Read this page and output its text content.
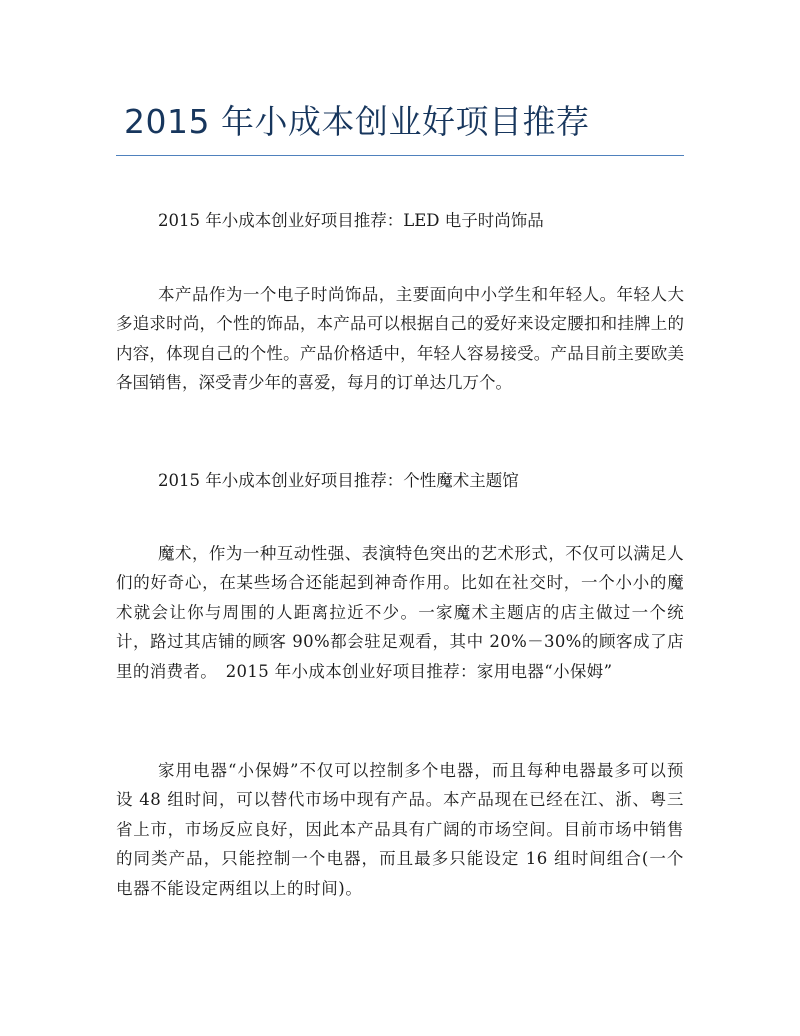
2015 年小成本创业好项目推荐

2015 年小成本创业好项目推荐：LED 电子时尚饰品

本产品作为一个电子时尚饰品，主要面向中小学生和年轻人。年轻人大多追求时尚，个性的饰品，本产品可以根据自己的爱好来设定腰扣和挂牌上的内容，体现自己的个性。产品价格适中，年轻人容易接受。产品目前主要欧美各国销售，深受青少年的喜爱，每月的订单达几万个。

2015 年小成本创业好项目推荐：个性魔术主题馆

魔术，作为一种互动性强、表演特色突出的艺术形式，不仅可以满足人们的好奇心，在某些场合还能起到神奇作用。比如在社交时，一个小小的魔术就会让你与周围的人距离拉近不少。一家魔术主题店的店主做过一个统计，路过其店铺的顾客 90%都会驻足观看，其中 20%－30%的顾客成了店里的消费者。　2015 年小成本创业好项目推荐：家用电器“小保姆”

家用电器“小保姆”不仅可以控制多个电器，而且每种电器最多可以预设 48 组时间，可以替代市场中现有产品。本产品现在已经在江、浙、粤三省上市，市场反应良好，因此本产品具有广阔的市场空间。目前市场中销售的同类产品，只能控制一个电器，而且最多只能设定 16 组时间组合(一个电器不能设定两组以上的时间)。
